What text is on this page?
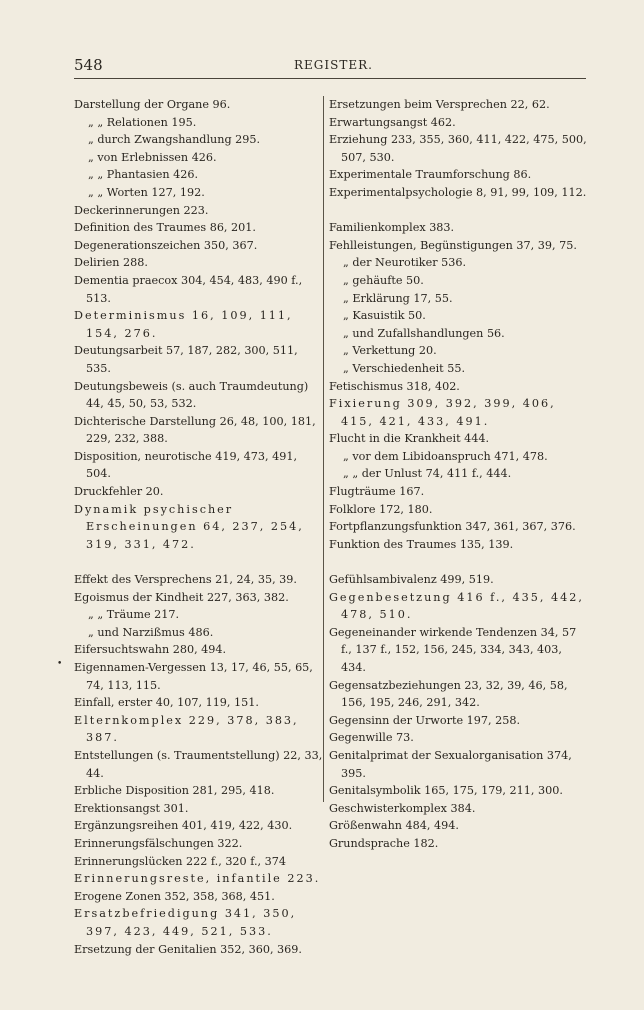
548	REGISTER.
•
Darstellung der Organe 96.
„ „ Relationen 195.
„ durch Zwangshandlung 295.
„ von Erlebnissen 426.
„ „ Phantasien 426.
„ „ Worten 127, 192.
Deckerinnerungen 223.
Definition des Traumes 86, 201.
Degenerationszeichen 350, 367.
Delirien 288.
Dementia praecox 304, 454, 483, 490 f., 513.
Determinismus 16, 109, 111, 154, 276.
Deutungsarbeit 57, 187, 282, 300, 511, 535.
Deutungsbeweis (s. auch Traumdeutung) 44, 45, 50, 53, 532.
Dichterische Darstellung 26, 48, 100, 181, 229, 232, 388.
Disposition, neurotische 419, 473, 491, 504.
Druckfehler 20.
Dynamik psychischer Erscheinungen 64, 237, 254, 319, 331, 472.
Effekt des Versprechens 21, 24, 35, 39.
Egoismus der Kindheit 227, 363, 382.
„ „ Träume 217.
„ und Narzißmus 486.
Eifersuchtswahn 280, 494.
Eigennamen-Vergessen 13, 17, 46, 55, 65, 74, 113, 115.
Einfall, erster 40, 107, 119, 151.
Elternkomplex 229, 378, 383, 387.
Entstellungen (s. Traumentstellung) 22, 33, 44.
Erbliche Disposition 281, 295, 418.
Erektionsangst 301.
Ergänzungsreihen 401, 419, 422, 430.
Erinnerungsfälschungen 322.
Erinnerungslücken 222 f., 320 f., 374
Erinnerungsreste, infantile 223.
Erogene Zonen 352, 358, 368, 451.
Ersatzbefriedigung 341, 350, 397, 423, 449, 521, 533.
Ersetzung der Genitalien 352, 360, 369.
Ersetzungen beim Versprechen 22, 62.
Erwartungsangst 462.
Erziehung 233, 355, 360, 411, 422, 475, 500, 507, 530.
Experimentale Traumforschung 86.
Experimentalpsychologie 8, 91, 99, 109, 112.
Familienkomplex 383.
Fehlleistungen, Begünstigungen 37, 39, 75.
„ der Neurotiker 536.
„ gehäufte 50.
„ Erklärung 17, 55.
„ Kasuistik 50.
„ und Zufallshandlungen 56.
„ Verkettung 20.
„ Verschiedenheit 55.
Fetischismus 318, 402.
Fixierung 309, 392, 399, 406, 415, 421, 433, 491.
Flucht in die Krankheit 444.
„ vor dem Libidoanspruch 471, 478.
„ „ der Unlust 74, 411 f., 444.
Flugträume 167.
Folklore 172, 180.
Fortpflanzungsfunktion 347, 361, 367, 376.
Funktion des Traumes 135, 139.
Gefühlsambivalenz 499, 519.
Gegenbesetzung 416 f., 435, 442, 478, 510.
Gegeneinander wirkende Tendenzen 34, 57 f., 137 f., 152, 156, 245, 334, 343, 403, 434.
Gegensatzbeziehungen 23, 32, 39, 46, 58, 156, 195, 246, 291, 342.
Gegensinn der Urworte 197, 258.
Gegenwille 73.
Genitalprimat der Sexualorganisation 374, 395.
Genitalsymbolik 165, 175, 179, 211, 300.
Geschwisterkomplex 384.
Größenwahn 484, 494.
Grundsprache 182.
